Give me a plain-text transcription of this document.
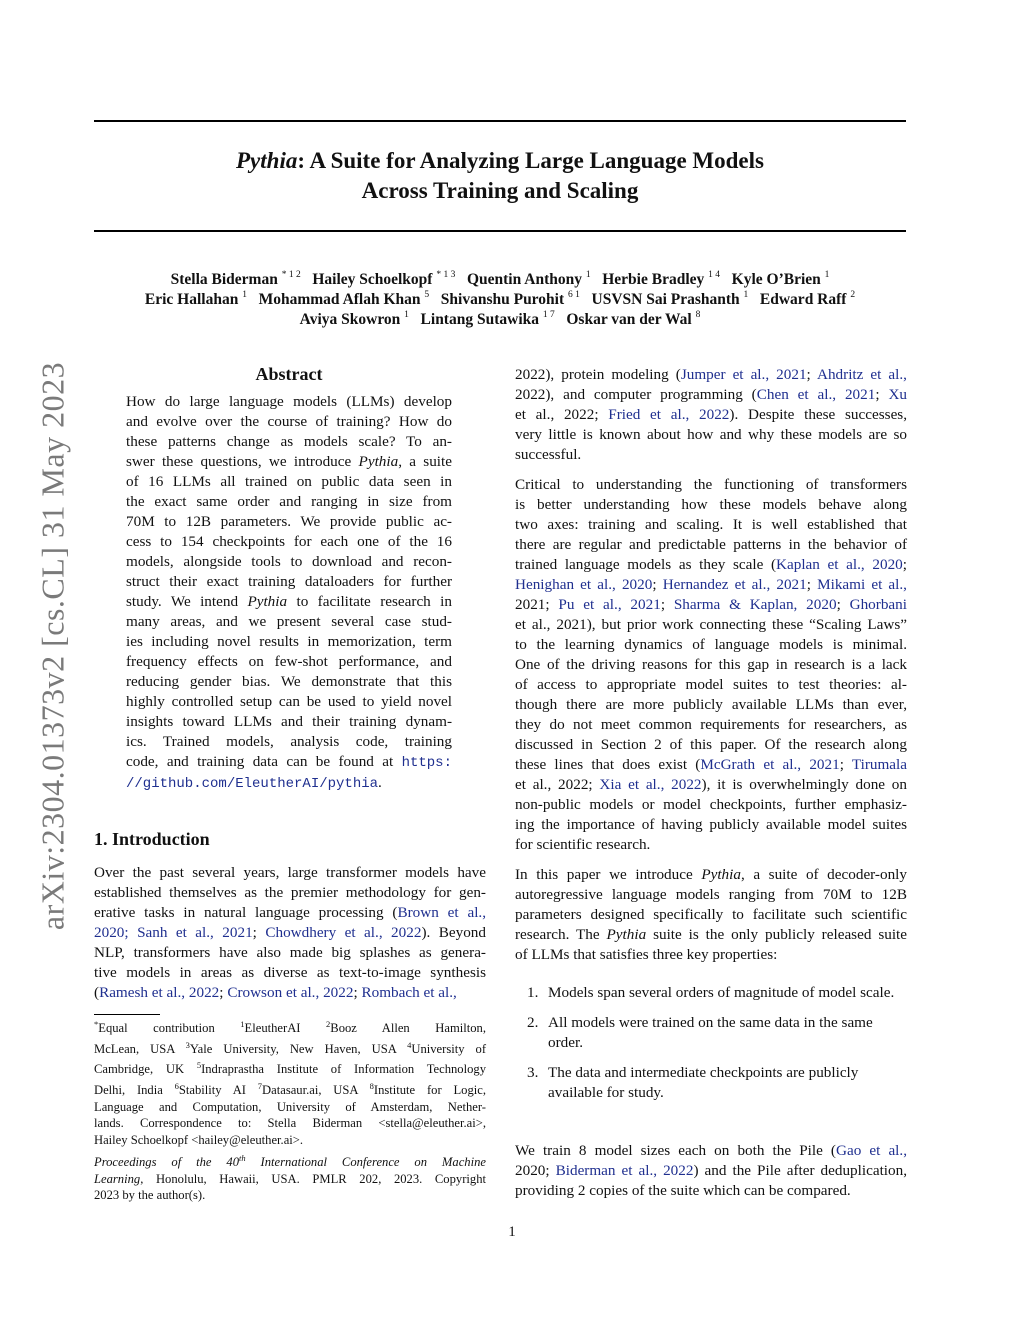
Pythia: A Suite for Analyzing Large Language Models
Across Training and Scaling
Stella Biderman $^{* 1 2}$ Hailey Schoelkopf $^{* 1 3}$ Quentin Anthony $^1$ Herbie Bradley $^{1 4}$ Kyle O’Brien $^1$
Eric Hallahan $^1$ Mohammad Aflah Khan $^5$ Shivanshu Purohit $^{6 1}$ USVSN Sai Prashanth $^1$ Edward Raff $^2$
Aviya Skowron $^1$ Lintang Sutawika $^{1 7}$ Oskar van der Wal $^8$
arXiv:2304.01373v2 [cs.CL] 31 May 2023	Abstract
How do large language models (LLMs) develop
and evolve over the course of training? How do
these patterns change as models scale? To an-
swer these questions, we introduce Pythia, a suite
of 16 LLMs all trained on public data seen in
the exact same order and ranging in size from
70M to 12B parameters. We provide public ac-
cess to 154 checkpoints for each one of the 16
models, alongside tools to download and recon-
struct their exact training dataloaders for further
study. We intend Pythia to facilitate research in
many areas, and we present several case stud-
ies including novel results in memorization, term
frequency effects on few-shot performance, and
reducing gender bias. We demonstrate that this
highly controlled setup can be used to yield novel
insights toward LLMs and their training dynam-
ics. Trained models, analysis code, training
code, and training data can be found at https:
//github.com/EleutherAI/pythia.
1. Introduction
Over the past several years, large transformer models have
established themselves as the premier methodology for gen-
erative tasks in natural language processing (Brown et al.,
2020; Sanh et al., 2021; Chowdhery et al., 2022). Beyond
NLP, transformers have also made big splashes as genera-
tive models in areas as diverse as text-to-image synthesis
(Ramesh et al., 2022; Crowson et al., 2022; Rombach et al.,
*Equal contribution $^1$EleutherAI $^2$Booz Allen Hamilton,
McLean, USA $^3$Yale University, New Haven, USA $^4$University of
Cambridge, UK $^5$Indraprastha Institute of Information Technology
Delhi, India $^6$Stability AI $^7$Datasaur.ai, USA $^8$Institute for Logic,
Language and Computation, University of Amsterdam, Nether-
lands. Correspondence to: Stella Biderman <stella@eleuther.ai>,
Hailey Schoelkopf <hailey@eleuther.ai>.
Proceedings of the 40th International Conference on Machine
Learning, Honolulu, Hawaii, USA. PMLR 202, 2023. Copyright
2023 by the author(s).
2022), protein modeling (Jumper et al., 2021; Ahdritz et al.,
2022), and computer programming (Chen et al., 2021; Xu
et al., 2022; Fried et al., 2022). Despite these successes,
very little is known about how and why these models are so
successful.
Critical to understanding the functioning of transformers
is better understanding how these models behave along
two axes: training and scaling. It is well established that
there are regular and predictable patterns in the behavior of
trained language models as they scale (Kaplan et al., 2020;
Henighan et al., 2020; Hernandez et al., 2021; Mikami et al.,
2021; Pu et al., 2021; Sharma & Kaplan, 2020; Ghorbani
et al., 2021), but prior work connecting these “Scaling Laws”
to the learning dynamics of language models is minimal.
One of the driving reasons for this gap in research is a lack
of access to appropriate model suites to test theories: al-
though there are more publicly available LLMs than ever,
they do not meet common requirements for researchers, as
discussed in Section 2 of this paper. Of the research along
these lines that does exist (McGrath et al., 2021; Tirumala
et al., 2022; Xia et al., 2022), it is overwhelmingly done on
non-public models or model checkpoints, further emphasiz-
ing the importance of having publicly available model suites
for scientific research.
In this paper we introduce Pythia, a suite of decoder-only
autoregressive language models ranging from 70M to 12B
parameters designed specifically to facilitate such scientific
research. The Pythia suite is the only publicly released suite
of LLMs that satisfies three key properties:
1. Models span several orders of magnitude of model scale.
2. All models were trained on the same data in the same order.
3. The data and intermediate checkpoints are publicly available for study.
We train 8 model sizes each on both the Pile (Gao et al.,
2020; Biderman et al., 2022) and the Pile after deduplication,
providing 2 copies of the suite which can be compared.
1
